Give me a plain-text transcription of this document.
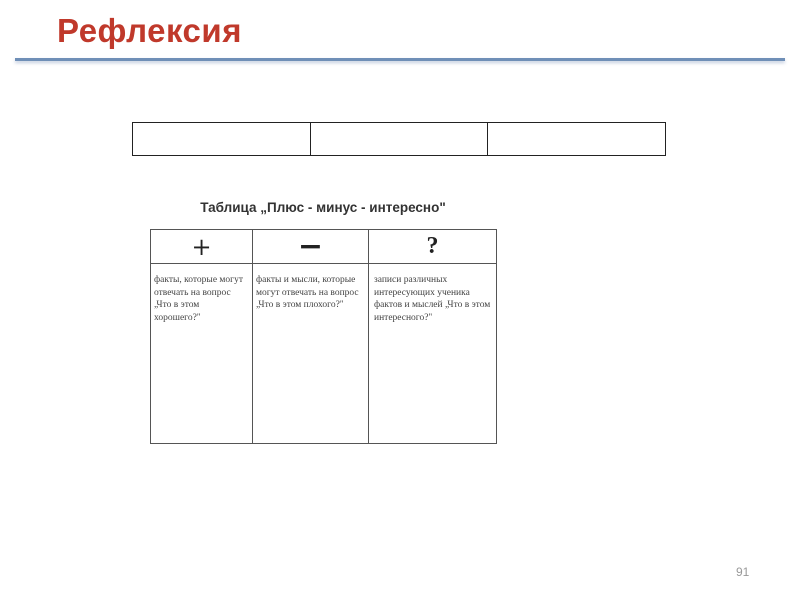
Рефлексия
Таблица „Плюс - минус - интересно"
+	−	?
факты, которые могут отвечать на вопрос „Что в этом хорошего?"
факты и мысли, которые могут отвечать на вопрос „Что в этом плохого?"
записи различных интересующих ученика фактов и мыслей „Что в этом интересного?"
91
